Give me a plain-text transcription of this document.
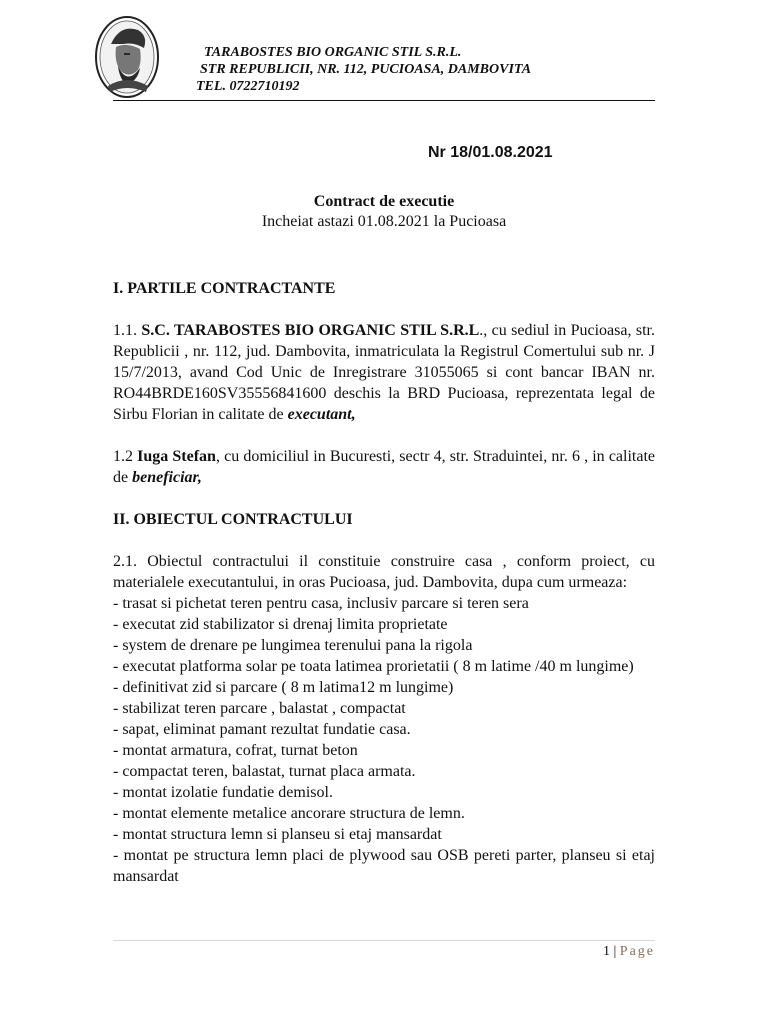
TARABOSTES BIO ORGANIC STIL S.R.L.
STR REPUBLICII, NR. 112, PUCIOASA, DAMBOVITA
TEL. 0722710192
Nr 18/01.08.2021
Contract de executie
Incheiat astazi 01.08.2021 la Pucioasa

I. PARTILE CONTRACTANTE

1.1. S.C. TARABOSTES BIO ORGANIC STIL S.R.L., cu sediul in Pucioasa, str. Republicii , nr. 112, jud. Dambovita, inmatriculata la Registrul Comertului sub nr. J 15/7/2013, avand Cod Unic de Inregistrare 31055065 si cont bancar IBAN nr. RO44BRDE160SV35556841600 deschis la BRD Pucioasa, reprezentata legal de Sirbu Florian in calitate de executant,

1.2 Iuga Stefan, cu domiciliul in Bucuresti, sectr 4, str. Straduintei, nr. 6 , in calitate de beneficiar,

II. OBIECTUL CONTRACTULUI

2.1. Obiectul contractului il constituie construire casa , conform proiect, cu materialele executantului, in oras Pucioasa, jud. Dambovita, dupa cum urmeaza:

- trasat si pichetat teren pentru casa, inclusiv parcare si teren sera

- executat zid stabilizator si drenaj limita proprietate

- system de drenare pe lungimea terenului pana la rigola

- executat platforma solar pe toata latimea prorietatii ( 8 m latime /40 m lungime)

- definitivat zid si parcare ( 8 m latima12 m lungime)

- stabilizat teren parcare , balastat , compactat

- sapat, eliminat pamant rezultat fundatie casa.

- montat armatura, cofrat, turnat beton

- compactat teren, balastat, turnat placa armata.

- montat izolatie fundatie demisol.

- montat elemente metalice ancorare structura de lemn.

- montat structura lemn si planseu si etaj mansardat

- montat pe structura lemn placi de plywood sau OSB pereti parter, planseu si etaj mansardat

1 | Page
